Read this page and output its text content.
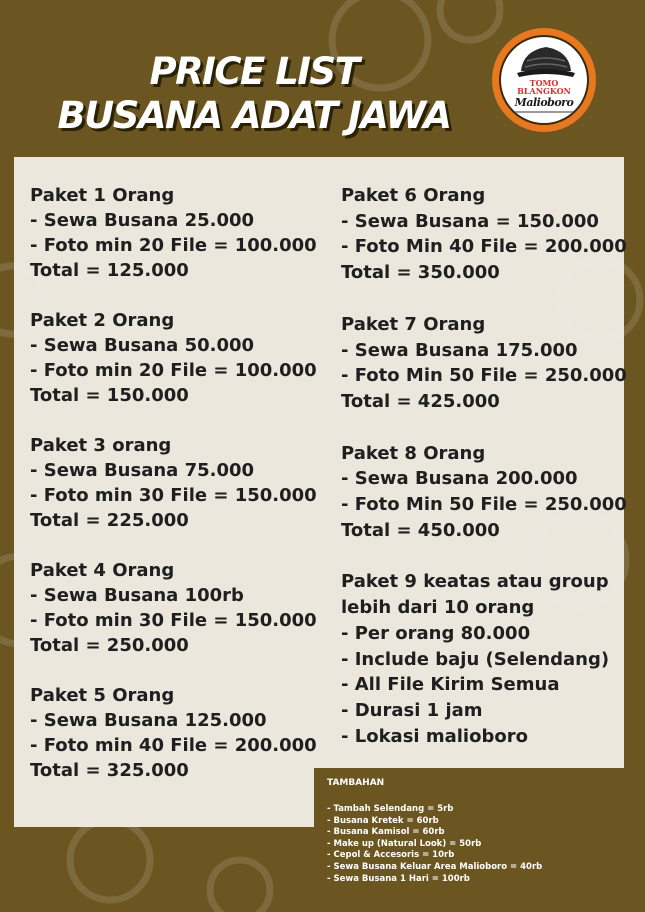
PRICE LIST
BUSANA ADAT JAWA
TOMO
BLANGKON
Malioboro
Paket 1 Orang
- Sewa Busana 25.000
- Foto min 20 File = 100.000
Total = 125.000
Paket 2 Orang
- Sewa Busana 50.000
- Foto min 20 File = 100.000
Total = 150.000
Paket 3 orang
- Sewa Busana 75.000
- Foto min 30 File = 150.000
Total = 225.000
Paket 4 Orang
- Sewa Busana 100rb
- Foto min 30 File = 150.000
Total = 250.000
Paket 5 Orang
- Sewa Busana 125.000
- Foto min 40 File = 200.000
Total = 325.000
Paket 6 Orang
- Sewa Busana = 150.000
- Foto Min 40 File = 200.000
Total = 350.000
Paket 7 Orang
- Sewa Busana 175.000
- Foto Min 50 File = 250.000
Total = 425.000
Paket 8 Orang
- Sewa Busana 200.000
- Foto Min 50 File = 250.000
Total = 450.000
Paket 9 keatas atau group
lebih dari 10 orang
- Per orang 80.000
- Include baju (Selendang)
- All File Kirim Semua
- Durasi 1 jam
- Lokasi malioboro
TAMBAHAN
- Tambah Selendang = 5rb
- Busana Kretek = 60rb
- Busana Kamisol = 60rb
- Make up (Natural Look) = 50rb
- Cepol & Accesoris = 10rb
- Sewa Busana Keluar Area Malioboro = 40rb
- Sewa Busana 1 Hari = 100rb
